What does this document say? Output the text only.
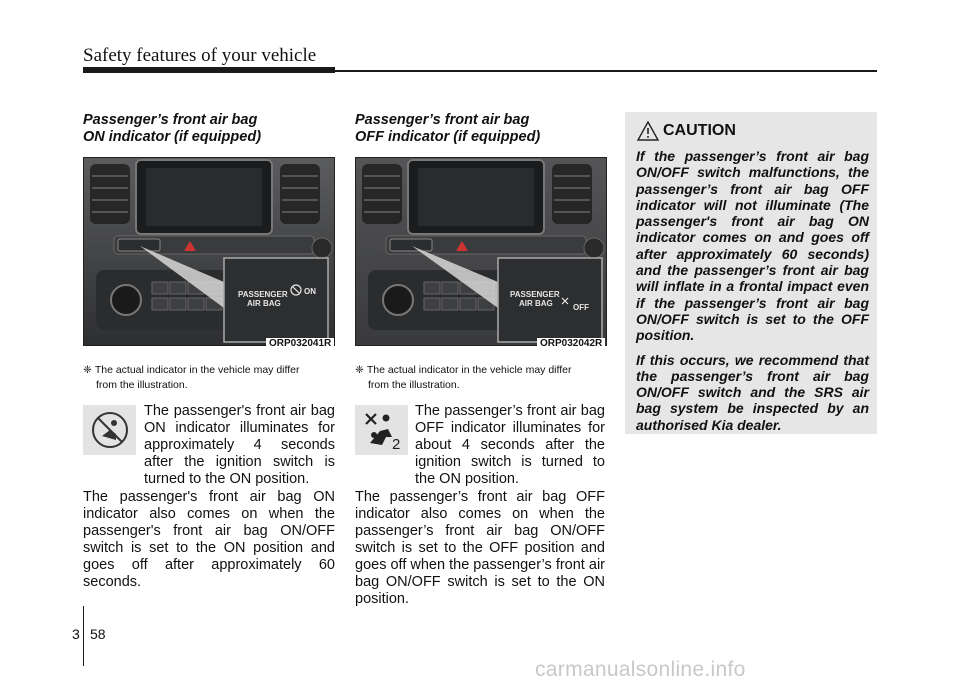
Safety features of your vehicle
Passenger’s front air bag
ON indicator (if equipped)
PASSENGER
AIR BAG
ON
ORP032041R
❈ The actual indicator in the vehicle may differ
from the illustration.
The passenger's front air bag ON indicator illuminates for approximately 4 seconds after the ignition switch is turned to the ON position.
The passenger's front air bag ON indicator also comes on when the passenger's front air bag ON/OFF switch is set to the ON position and goes off after approximately 60 seconds.
Passenger’s front air bag
OFF indicator (if equipped)
PASSENGER
AIR BAG	OFF
ORP032042R
❈ The actual indicator in the vehicle may differ
from the illustration.
2
The passenger’s front air bag OFF indicator illuminates for about 4 seconds after the ignition switch is turned to the ON position.
The passenger’s front air bag OFF indicator also comes on when the passenger’s front air bag ON/OFF switch is set to the OFF position and goes off when the passenger’s front air bag ON/OFF switch is set to the ON position.
CAUTION

If the passenger’s front air bag ON/OFF switch malfunctions, the passenger’s front air bag OFF indicator will not illuminate (The passenger's front air bag ON indicator comes on and goes off after approximately 60 seconds) and the passenger’s front air bag will inflate in a frontal impact even if the passenger’s front air bag ON/OFF switch is set to the OFF position.

If this occurs, we recommend that the passenger’s front air bag ON/OFF switch and the SRS air bag system be inspected by an authorised Kia dealer.

3 58
carmanualsonline.info
